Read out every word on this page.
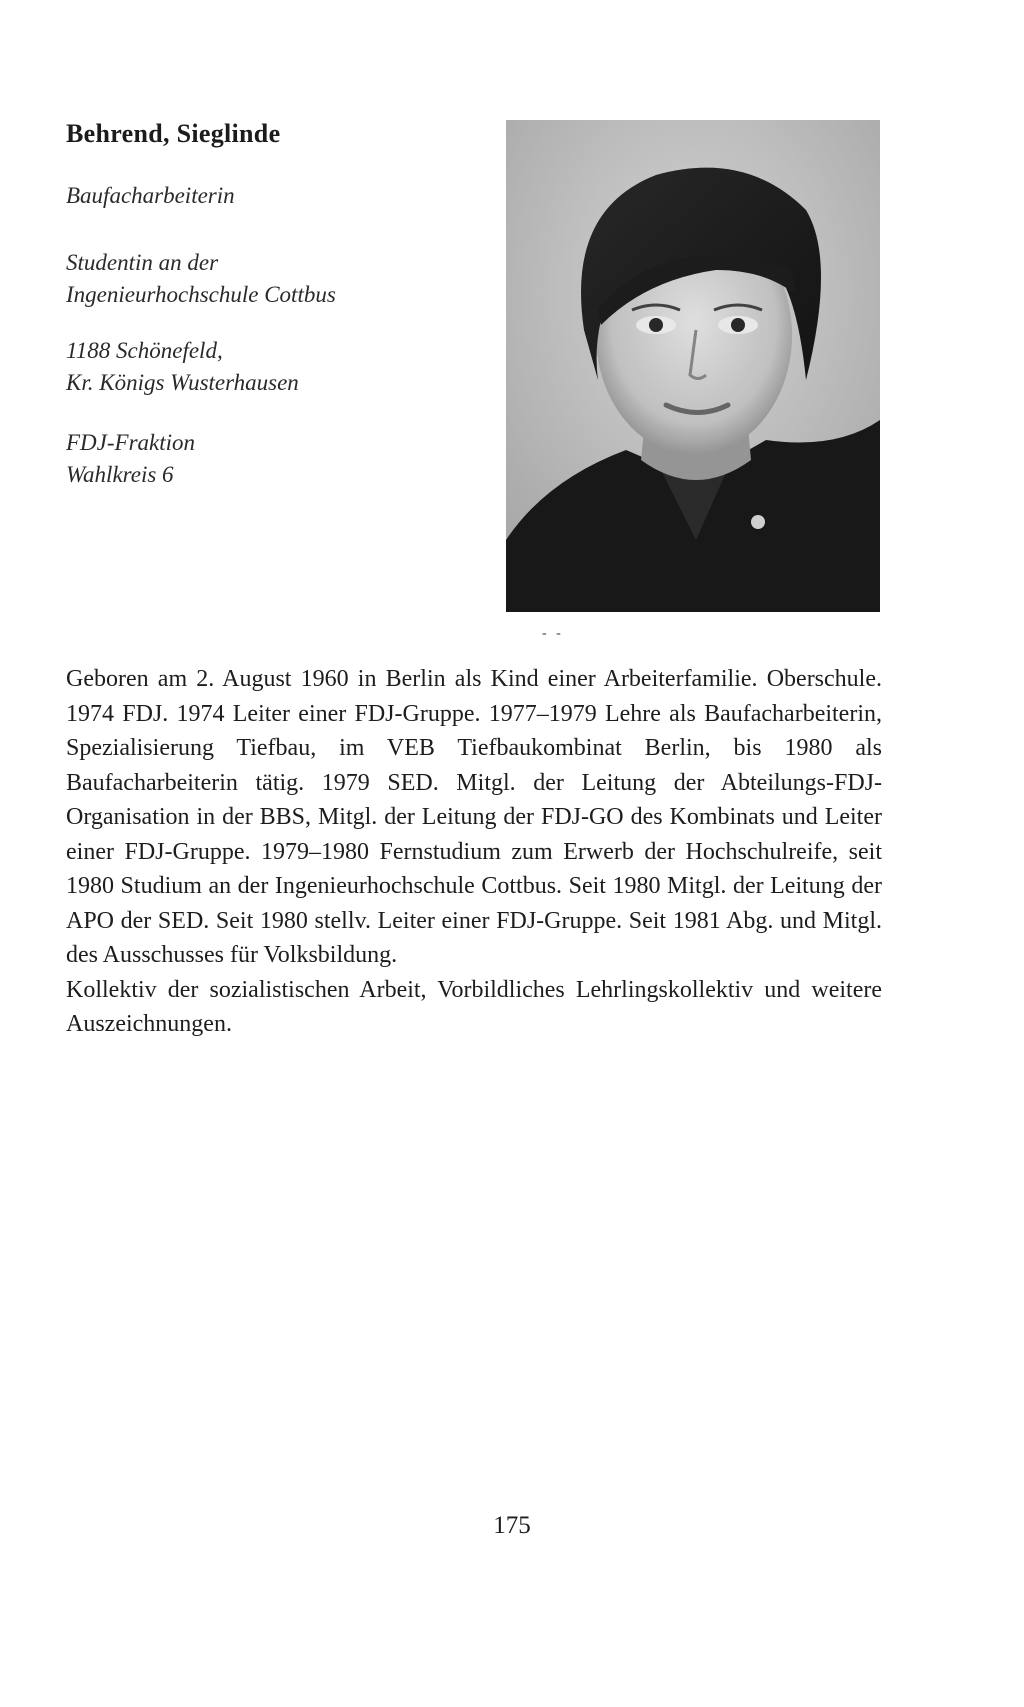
Behrend, Sieglinde
Baufacharbeiterin
Studentin an der
Ingenieurhochschule Cottbus
1188 Schönefeld,
Kr. Königs Wusterhausen
FDJ-Fraktion
Wahlkreis 6
- -

Geboren am 2. August 1960 in Berlin als Kind einer Arbeiterfamilie. Oberschule. 1974 FDJ. 1974 Leiter einer FDJ-Gruppe. 1977–1979 Lehre als Baufacharbeiterin, Spezialisierung Tiefbau, im VEB Tiefbaukombinat Berlin, bis 1980 als Baufacharbeiterin tätig. 1979 SED. Mitgl. der Leitung der Abteilungs-FDJ-Organisation in der BBS, Mitgl. der Leitung der FDJ-GO des Kombinats und Leiter einer FDJ-Gruppe. 1979–1980 Fernstudium zum Erwerb der Hochschulreife, seit 1980 Studium an der Ingenieurhochschule Cottbus. Seit 1980 Mitgl. der Leitung der APO der SED. Seit 1980 stellv. Leiter einer FDJ-Gruppe. Seit 1981 Abg. und Mitgl. des Ausschusses für Volksbildung.

Kollektiv der sozialistischen Arbeit, Vorbildliches Lehrlingskollektiv und weitere Auszeichnungen.

175
